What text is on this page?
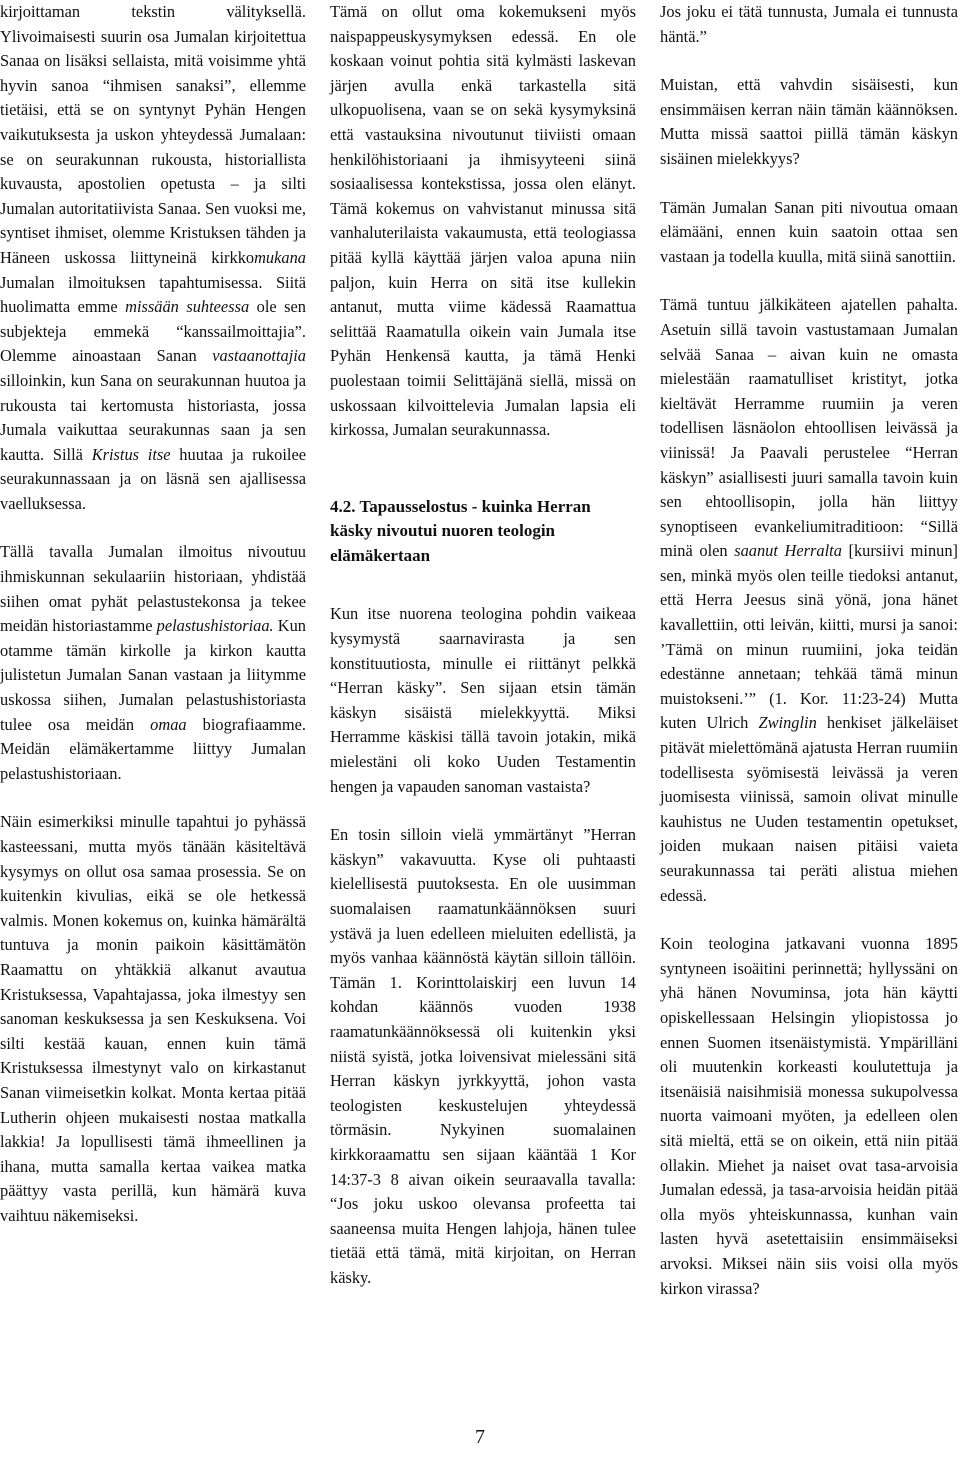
kirjoittaman tekstin välityksellä. Ylivoimaisesti suurin osa Jumalan kirjoitettua Sanaa on lisäksi sellaista, mitä voisimme yhtä hyvin sanoa “ihmisen sanaksi”, ellemme tietäisi, että se on syntynyt Pyhän Hengen vaikutuksesta ja uskon yhteydessä Jumalaan: se on seurakunnan rukousta, historiallista kuvausta, apostolien opetusta – ja silti Jumalan autoritatiivista Sanaa. Sen vuoksi me, syntiset ihmiset, olemme Kristuksen tähden ja Häneen uskossa liittyneinä kirkkomukana Jumalan ilmoituksen tapahtumisessa. Siitä huolimatta emme missään suhteessa ole sen subjekteja emmekä “kanssailmoittajia”. Olemme ainoastaan Sanan vastaanottajia silloinkin, kun Sana on seurakunnan huutoa ja rukousta tai kertomusta historiasta, jossa Jumala vaikuttaa seurakunnas saan ja sen kautta. Sillä Kristus itse huutaa ja rukoilee seurakunnassaan ja on läsnä sen ajallisessa vaelluksessa.

Tällä tavalla Jumalan ilmoitus nivoutuu ihmiskunnan sekulaariin historiaan, yhdistää siihen omat pyhät pelastustekonsa ja tekee meidän historiastamme pelastushistoriaa. Kun otamme tämän kirkolle ja kirkon kautta julistetun Jumalan Sanan vastaan ja liitymme uskossa siihen, Jumalan pelastushistoriasta tulee osa meidän omaa biografiaamme. Meidän elämäkertamme liittyy Jumalan pelastushistoriaan.

Näin esimerkiksi minulle tapahtui jo pyhässä kasteessani, mutta myös tänään käsiteltävä kysymys on ollut osa samaa prosessia. Se on kuitenkin kivulias, eikä se ole hetkessä valmis. Monen kokemus on, kuinka hämärältä tuntuva ja monin paikoin käsittämätön Raamattu on yhtäkkiä alkanut avautua Kristuksessa, Vapahtajassa, joka ilmestyy sen sanoman keskuksessa ja sen Keskuksena. Voi silti kestää kauan, ennen kuin tämä Kristuksessa ilmestynyt valo on kirkastanut Sanan viimeisetkin kolkat. Monta kertaa pitää Lutherin ohjeen mukaisesti nostaa matkalla lakkia! Ja lopullisesti tämä ihmeellinen ja ihana, mutta samalla kertaa vaikea matka päättyy vasta perillä, kun hämärä kuva vaihtuu näkemiseksi.

Tämä on ollut oma kokemukseni myös naispappeuskysymyksen edessä. En ole koskaan voinut pohtia sitä kylmästi laskevan järjen avulla enkä tarkastella sitä ulkopuolisena, vaan se on sekä kysymyksinä että vastauksina nivoutunut tiiviisti omaan henkilöhistoriaani ja ihmisyyteeni siinä sosiaalisessa kontekstissa, jossa olen elänyt. Tämä kokemus on vahvistanut minussa sitä vanhaluterilaista vakaumusta, että teologiassa pitää kyllä käyttää järjen valoa apuna niin paljon, kuin Herra on sitä itse kullekin antanut, mutta viime kädessä Raamattua selittää Raamatulla oikein vain Jumala itse Pyhän Henkensä kautta, ja tämä Henki puolestaan toimii Selittäjänä siellä, missä on uskossaan kilvoittelevia Jumalan lapsia eli kirkossa, Jumalan seurakunnassa.

4.2. Tapausselostus - kuinka Herran käsky nivoutui nuoren teologin elämäkertaan

Kun itse nuorena teologina pohdin vaikeaa kysymystä saarnavirasta ja sen konstituutiosta, minulle ei riittänyt pelkkä “Herran käsky”. Sen sijaan etsin tämän käskyn sisäistä mielekkyyttä. Miksi Herramme käskisi tällä tavoin jotakin, mikä mielestäni oli koko Uuden Testamentin hengen ja vapauden sanoman vastaista?

En tosin silloin vielä ymmärtänyt ”Herran käskyn” vakavuutta. Kyse oli puhtaasti kielellisestä puutoksesta. En ole uusimman suomalaisen raamatunkäännöksen suuri ystävä ja luen edelleen mieluiten edellistä, ja myös vanhaa käännöstä käytän silloin tällöin. Tämän 1. Korinttolaiskirj een luvun 14 kohdan käännös vuoden 1938 raamatunkäännöksessä oli kuitenkin yksi niistä syistä, jotka loivensivat mielessäni sitä Herran käskyn jyrkkyyttä, johon vasta teologisten keskustelujen yhteydessä törmäsin. Nykyinen suomalainen kirkkoraamattu sen sijaan kääntää 1 Kor 14:37-3 8 aivan oikein seuraavalla tavalla: “Jos joku uskoo olevansa profeetta tai saaneensa muita Hengen lahjoja, hänen tulee tietää että tämä, mitä kirjoitan, on Herran käsky.

Jos joku ei tätä tunnusta, Jumala ei tunnusta häntä.”

Muistan, että vahvdin sisäisesti, kun ensimmäisen kerran näin tämän käännöksen. Mutta missä saattoi piillä tämän käskyn sisäinen mielekkyys?

Tämän Jumalan Sanan piti nivoutua omaan elämääni, ennen kuin saatoin ottaa sen vastaan ja todella kuulla, mitä siinä sanottiin.

Tämä tuntuu jälkikäteen ajatellen pahalta. Asetuin sillä tavoin vastustamaan Jumalan selvää Sanaa – aivan kuin ne omasta mielestään raamatulliset kristityt, jotka kieltävät Herramme ruumiin ja veren todellisen läsnäolon ehtoollisen leivässä ja viinissä! Ja Paavali perustelee “Herran käskyn” asiallisesti juuri samalla tavoin kuin sen ehtoollisopin, jolla hän liittyy synoptiseen evankeliumitraditioon: “Sillä minä olen saanut Herralta [kursiivi minun] sen, minkä myös olen teille tiedoksi antanut, että Herra Jeesus sinä yönä, jona hänet kavallettiin, otti leivän, kiitti, mursi ja sanoi: ’Tämä on minun ruumiini, joka teidän edestänne annetaan; tehkää tämä minun muistokseni.’” (1. Kor. 11:23-24) Mutta kuten Ulrich Zwinglin henkiset jälkeläiset pitävät mielettömänä ajatusta Herran ruumiin todellisesta syömisestä leivässä ja veren juomisesta viinissä, samoin olivat minulle kauhistus ne Uuden testamentin opetukset, joiden mukaan naisen pitäisi vaieta seurakunnassa tai peräti alistua miehen edessä.

Koin teologina jatkavani vuonna 1895 syntyneen isoäitini perinnettä; hyllyssäni on yhä hänen Novuminsa, jota hän käytti opiskellessaan Helsingin yliopistossa jo ennen Suomen itsenäistymistä. Ympärilläni oli muutenkin korkeasti koulutettuja ja itsenäisiä naisihmisiä monessa sukupolvessa nuorta vaimoani myöten, ja edelleen olen sitä mieltä, että se on oikein, että niin pitää ollakin. Miehet ja naiset ovat tasa-arvoisia Jumalan edessä, ja tasa-arvoisia heidän pitää olla myös yhteiskunnassa, kunhan vain lasten hyvä asetettaisiin ensimmäiseksi arvoksi. Miksei näin siis voisi olla myös kirkon virassa?

7
